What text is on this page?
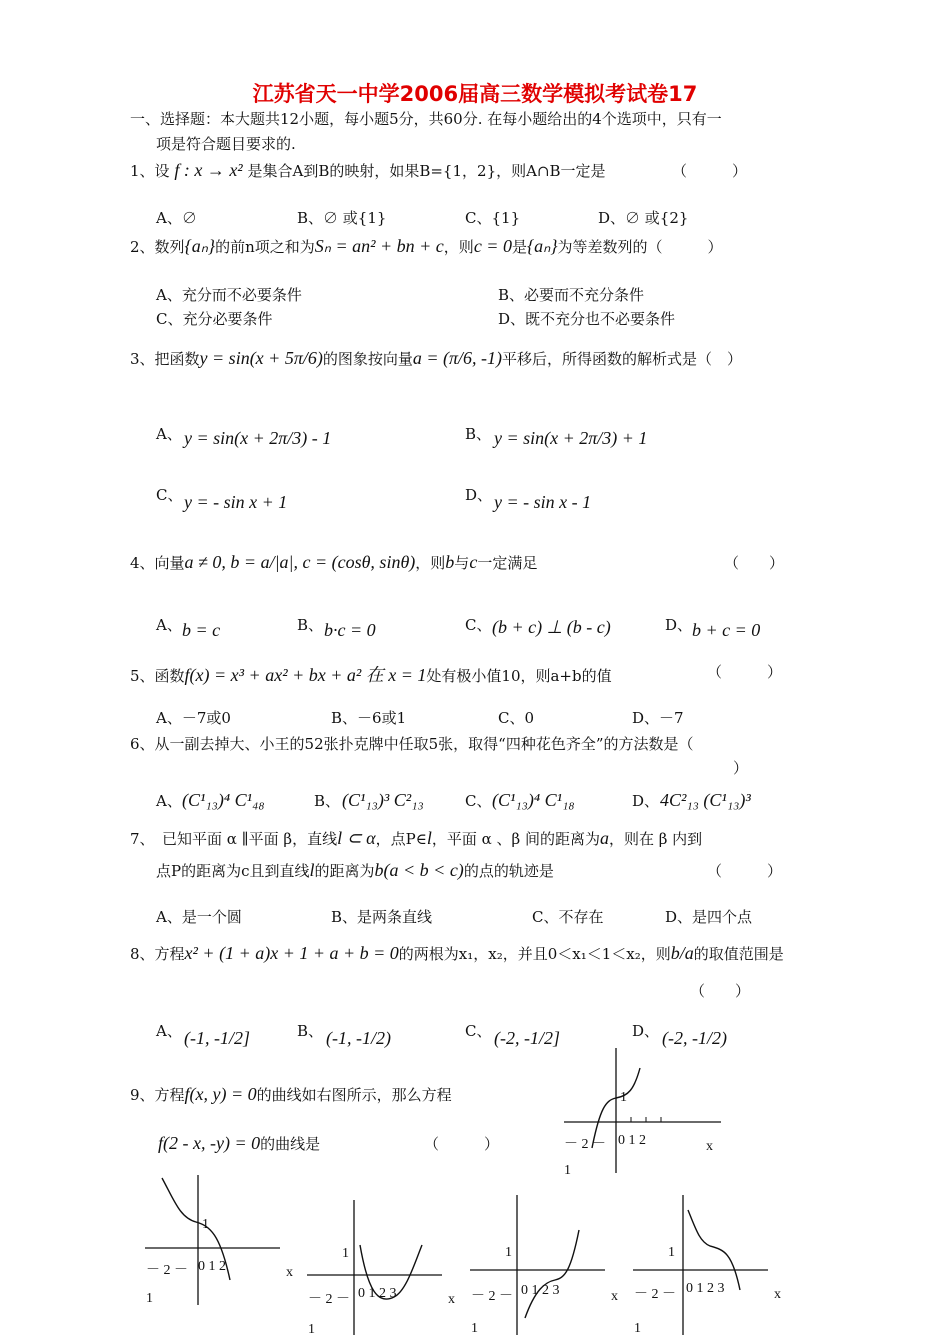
江苏省天一中学2006届高三数学模拟考试卷17
一、选择题：本大题共12小题，每小题5分，共60分. 在每小题给出的4个选项中，只有一
项是符合题目要求的.
1、设 f : x → x² 是集合A到B的映射，如果B={1，2}，则A∩B一定是	（　　　）
A、∅	B、∅ 或{1}	C、{1}	D、∅ 或{2}
2、数列{aₙ}的前n项之和为Sₙ = an² + bn + c，则c = 0是{aₙ}为等差数列的（　　　）
A、充分而不必要条件	B、必要而不充分条件
C、充分必要条件	D、既不充分也不必要条件
3、把函数y = sin(x + 5π/6)的图象按向量a = (π/6, -1)平移后，所得函数的解析式是（　）
A、 y = sin(x + 2π/3) - 1	B、 y = sin(x + 2π/3) + 1
C、 y = - sin x + 1	D、 y = - sin x - 1
4、向量a ≠ 0, b = a/|a|, c = (cosθ, sinθ)，则b与c一定满足	（　　）
A、 b = c	B、 b·c = 0	C、 (b + c) ⊥ (b - c)	D、 b + c = 0
5、函数f(x) = x³ + ax² + bx + a² 在 x = 1处有极小值10，则a+b的值	（　　　）
A、－7或0	B、－6或1	C、0	D、－7
6、从一副去掉大、小王的52张扑克牌中任取5张，取得“四种花色齐全”的方法数是（
）
A、 (C¹₁₃)⁴ C¹₄₈	B、 (C¹₁₃)³ C²₁₃	C、 (C¹₁₃)⁴ C¹₁₈	D、 4C²₁₃ (C¹₁₃)³
7、　已知平面 α ∥平面 β，直线l ⊂ α，点P∈l，平面 α 、β 间的距离为a，则在 β 内到
点P的距离为c且到直线l的距离为b(a < b < c)的点的轨迹是	（　　　）
A、是一个圆	B、是两条直线	C、不存在	D、是四个点
8、方程x² + (1 + a)x + 1 + a + b = 0的两根为x₁，x₂，并且0＜x₁＜1＜x₂，则b/a的取值范围是
（　　）
A、 (-1, -1/2]	B、 (-1, -1/2)	C、 (-2, -1/2]	D、 (-2, -1/2)
9、方程f(x, y) = 0的曲线如右图所示，那么方程
f(2 - x, -y) = 0的曲线是	（　　　）
1
－ 2 － 0 1 2	x
1
1
－ 2 － 0 1 2	x
1
1
－ 2 － 0 1 2 3	x
1
1
－ 2 － 0 1 2 3	x
1
1
－ 2 － 0 1 2 3	x
1
